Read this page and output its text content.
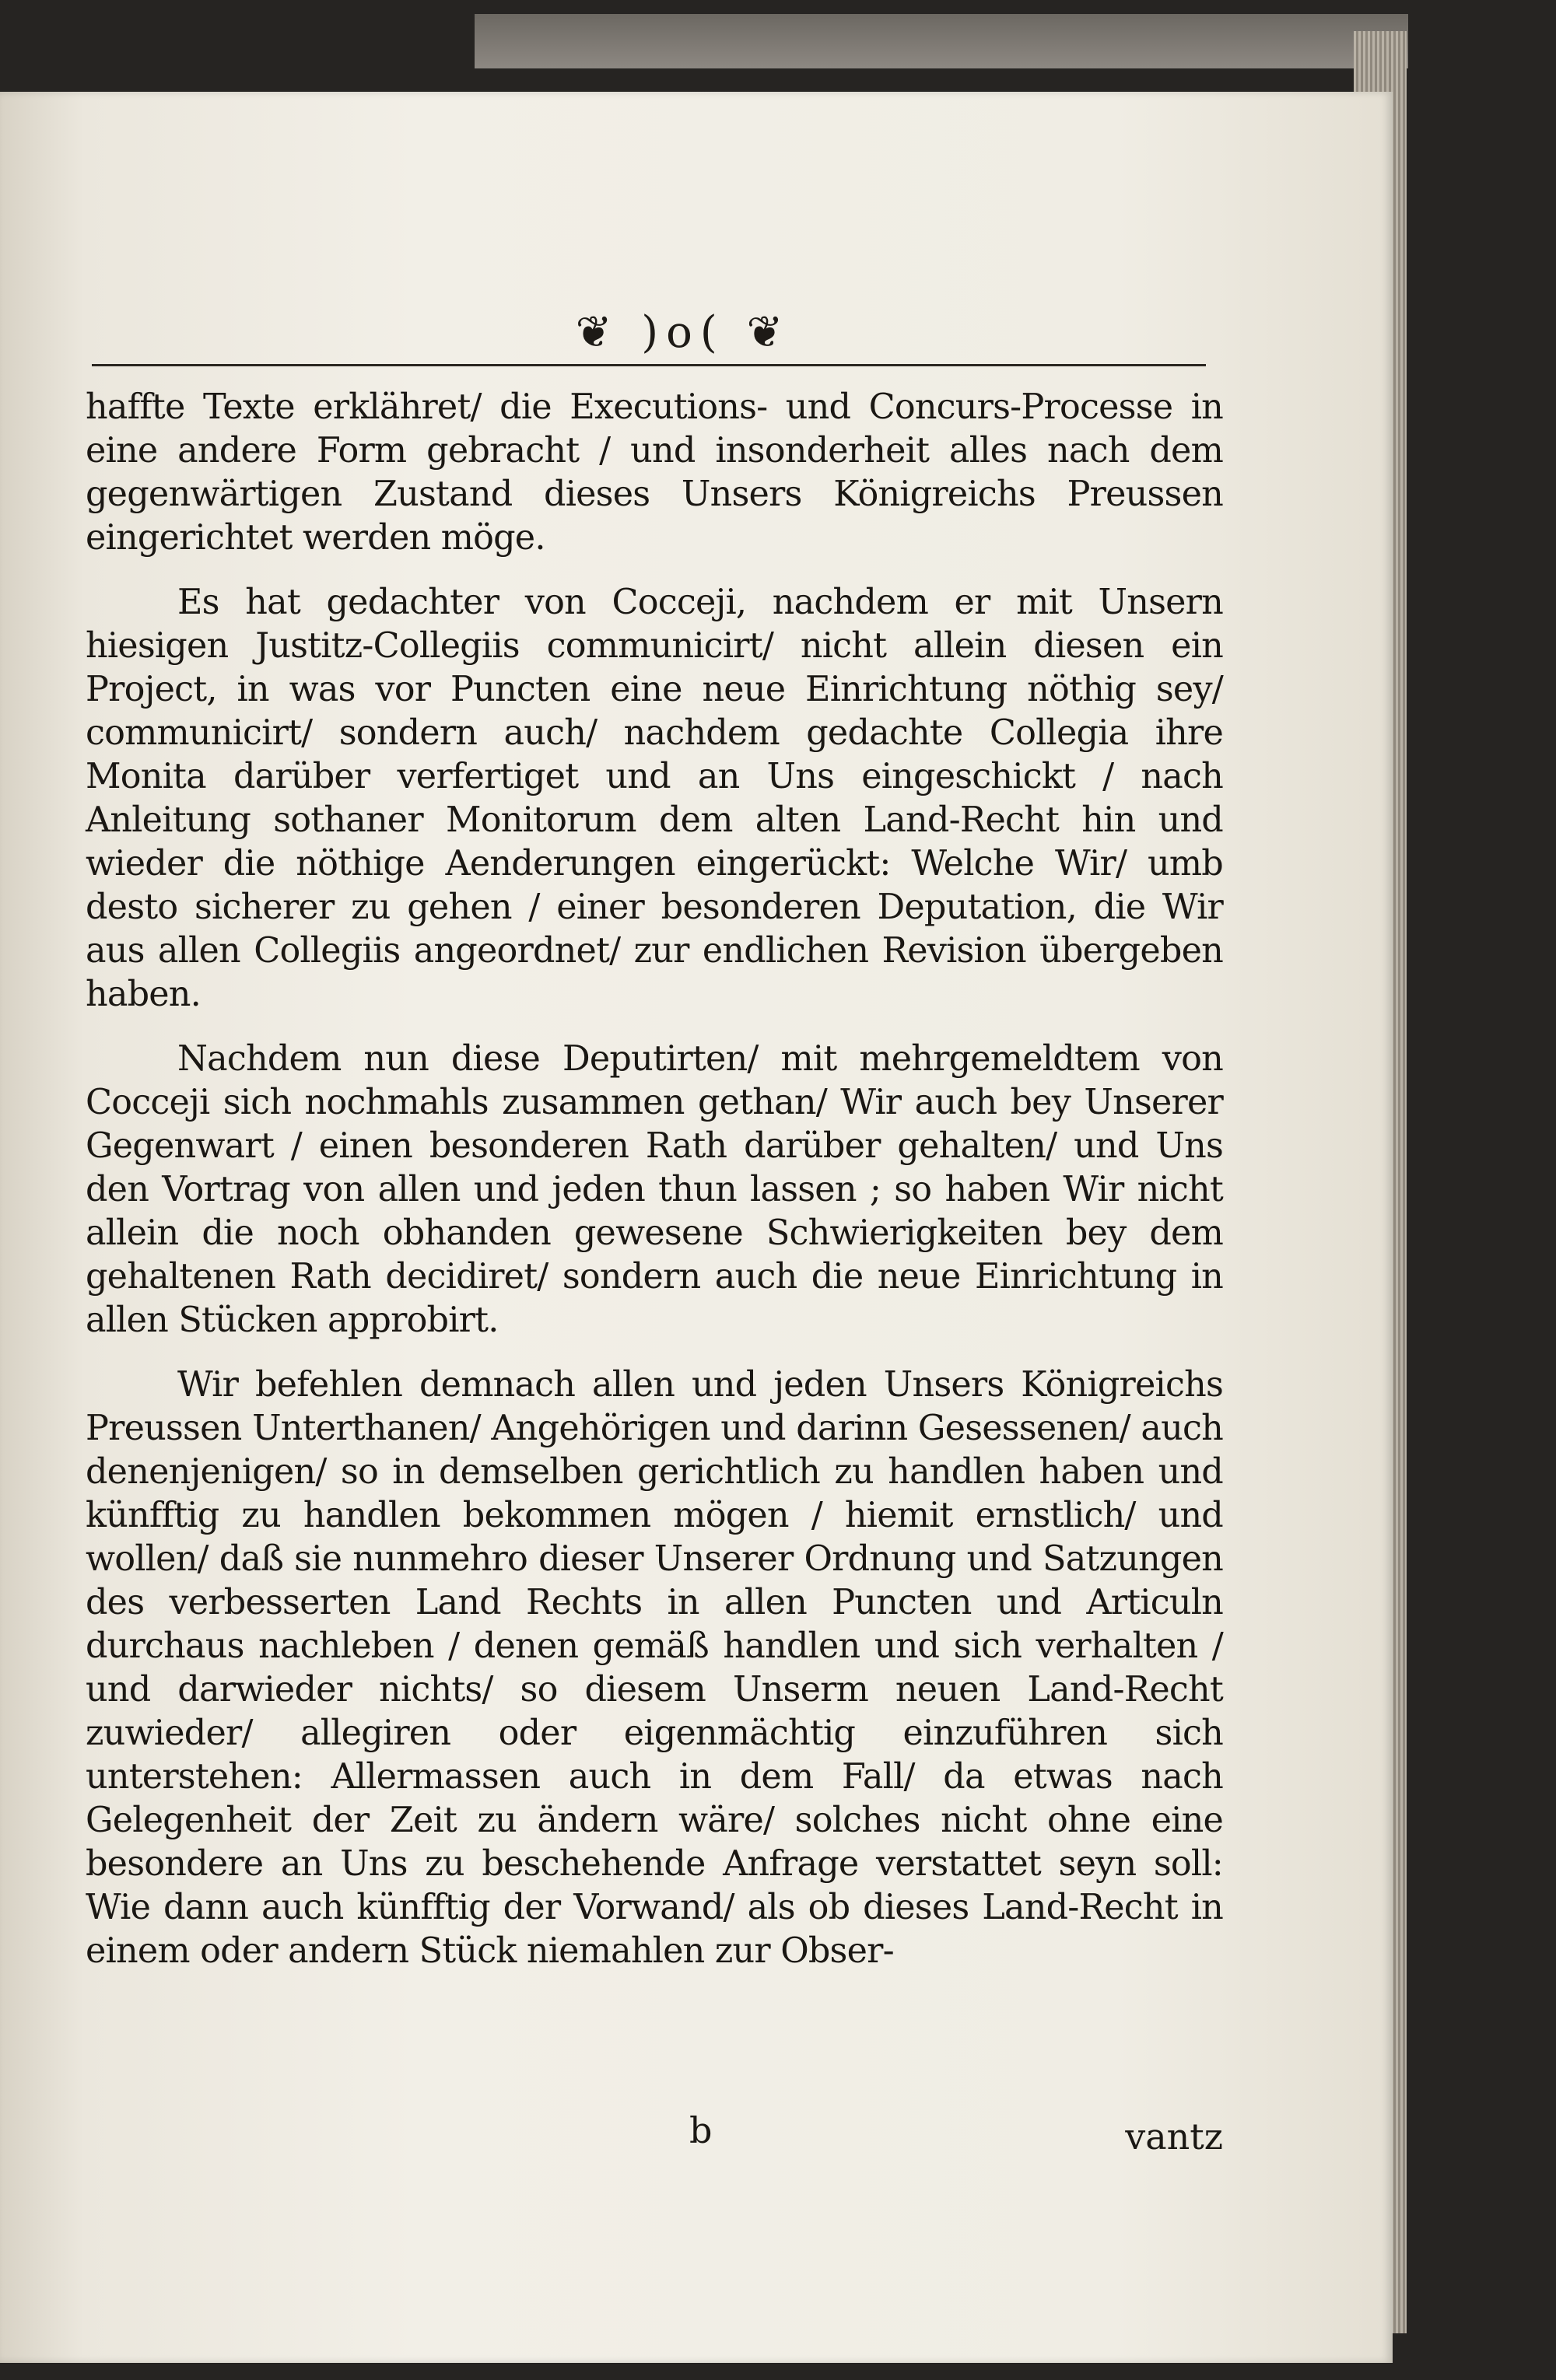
❦ )o( ❦

haffte Texte erklähret/ die Executions- und Concurs-Processe in eine andere Form gebracht / und insonderheit alles nach dem gegenwärtigen Zustand dieses Unsers Königreichs Preussen eingerichtet werden möge.

Es hat gedachter von Cocceji, nachdem er mit Unsern hiesigen Justitz-Collegiis communicirt/ nicht allein diesen ein Project, in was vor Puncten eine neue Einrichtung nöthig sey/ communicirt/ sondern auch/ nachdem gedachte Collegia ihre Monita darüber verfertiget und an Uns eingeschickt / nach Anleitung sothaner Monitorum dem alten Land-Recht hin und wieder die nöthige Aenderungen eingerückt: Welche Wir/ umb desto sicherer zu gehen / einer besonderen Deputation, die Wir aus allen Collegiis angeordnet/ zur endlichen Revision übergeben haben.

Nachdem nun diese Deputirten/ mit mehrgemeldtem von Cocceji sich nochmahls zusammen gethan/ Wir auch bey Unserer Gegenwart / einen besonderen Rath darüber gehalten/ und Uns den Vortrag von allen und jeden thun lassen ; so haben Wir nicht allein die noch obhanden gewesene Schwierigkeiten bey dem gehaltenen Rath decidiret/ sondern auch die neue Einrichtung in allen Stücken approbirt.

Wir befehlen demnach allen und jeden Unsers Königreichs Preussen Unterthanen/ Angehörigen und darinn Gesessenen/ auch denenjenigen/ so in demselben gerichtlich zu handlen haben und künfftig zu handlen bekommen mögen / hiemit ernstlich/ und wollen/ daß sie nunmehro dieser Unserer Ordnung und Satzungen des verbesserten Land Rechts in allen Puncten und Articuln durchaus nachleben / denen gemäß handlen und sich verhalten / und darwieder nichts/ so diesem Unserm neuen Land-Recht zuwieder/ allegiren oder eigenmächtig einzuführen sich unterstehen: Allermassen auch in dem Fall/ da etwas nach Gelegenheit der Zeit zu ändern wäre/ solches nicht ohne eine besondere an Uns zu beschehende Anfrage verstattet seyn soll: Wie dann auch künfftig der Vorwand/ als ob dieses Land-Recht in einem oder andern Stück niemahlen zur Obser-

b	vantz
